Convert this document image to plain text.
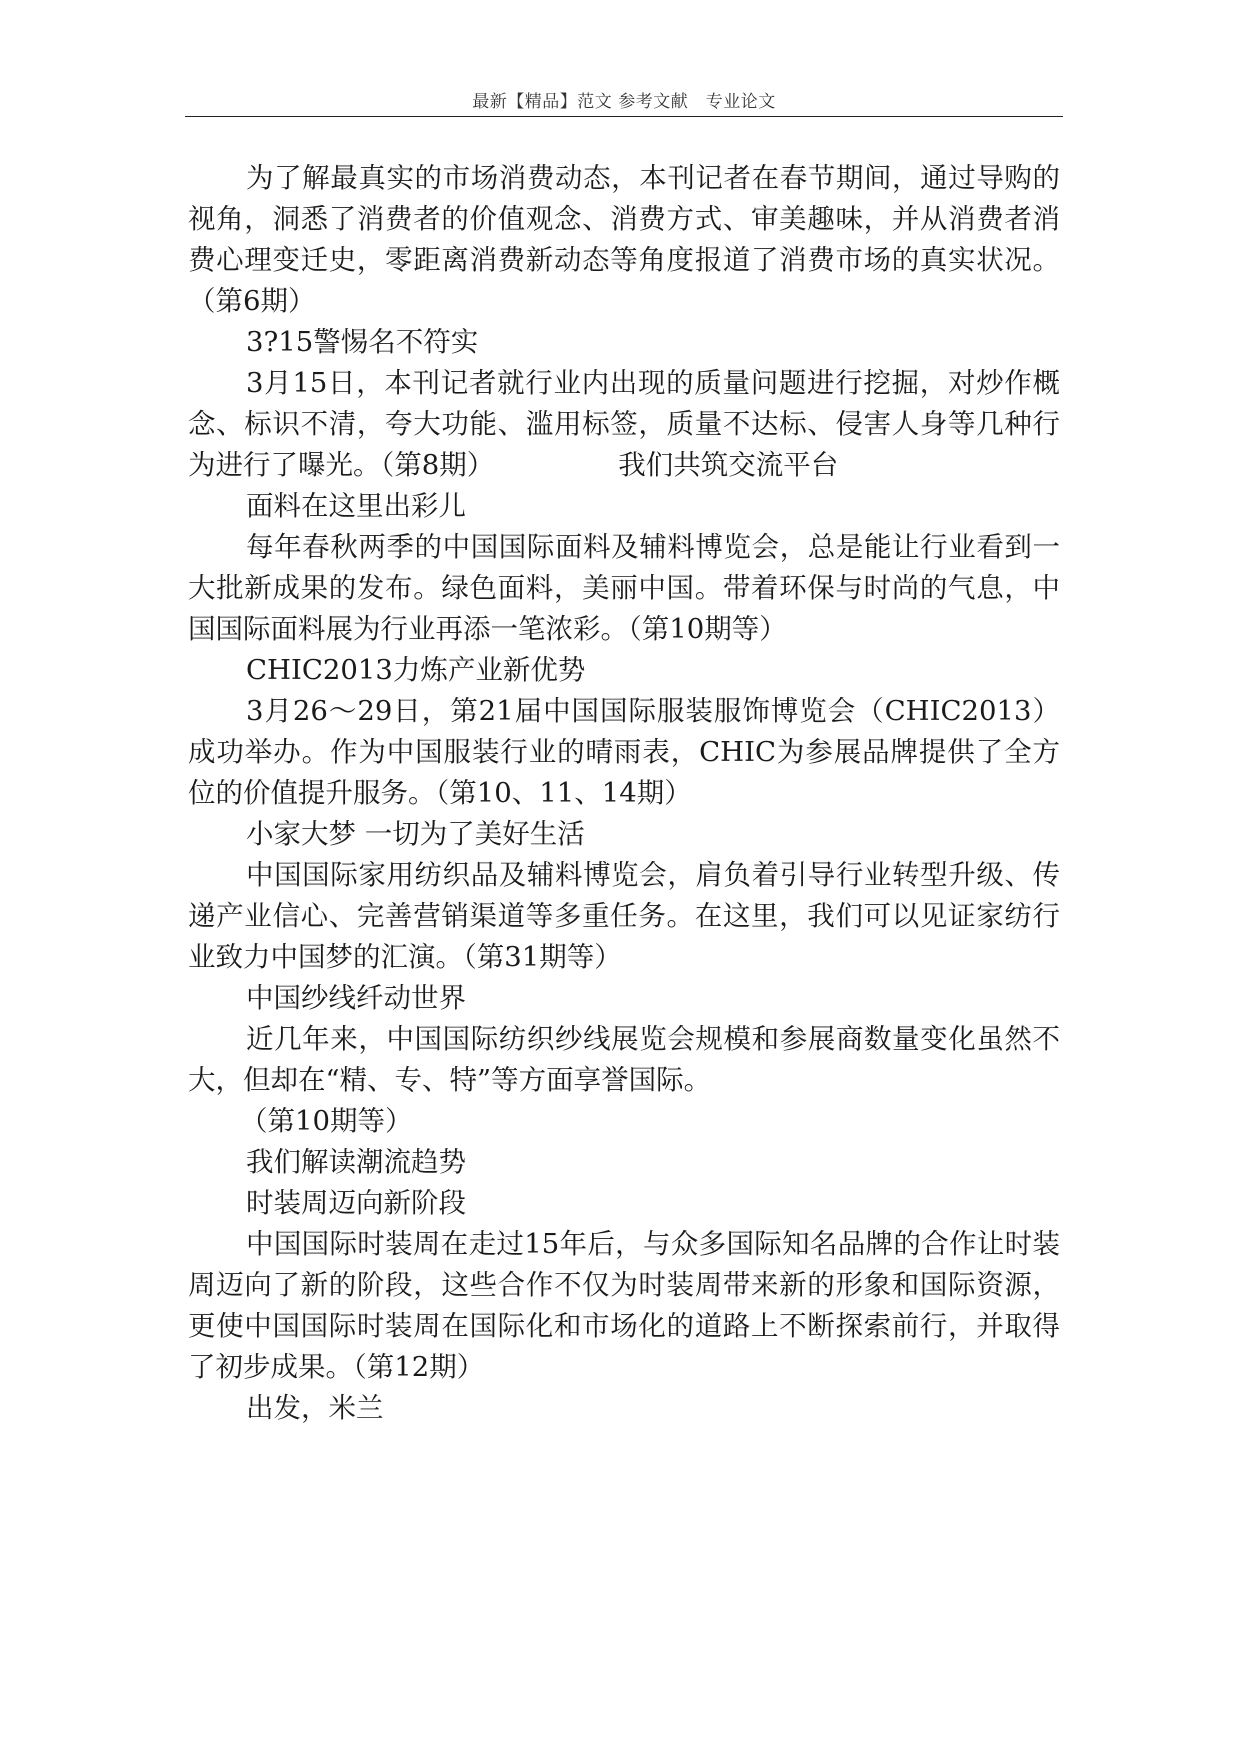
最新【精品】范文 参考文献　专业论文

为了解最真实的市场消费动态，本刊记者在春节期间，通过导购的视角，洞悉了消费者的价值观念、消费方式、审美趣味，并从消费者消费心理变迁史，零距离消费新动态等角度报道了消费市场的真实状况。（第6期）

3?15警惕名不符实

3月15日，本刊记者就行业内出现的质量问题进行挖掘，对炒作概念、标识不清，夸大功能、滥用标签，质量不达标、侵害人身等几种行为进行了曝光。（第8期）	我们共筑交流平台

面料在这里出彩儿

每年春秋两季的中国国际面料及辅料博览会，总是能让行业看到一大批新成果的发布。绿色面料，美丽中国。带着环保与时尚的气息，中国国际面料展为行业再添一笔浓彩。（第10期等）

CHIC2013力炼产业新优势

3月26～29日，第21届中国国际服装服饰博览会（CHIC2013）成功举办。作为中国服装行业的晴雨表，CHIC为参展品牌提供了全方位的价值提升服务。（第10、11、14期）

小家大梦 一切为了美好生活

中国国际家用纺织品及辅料博览会，肩负着引导行业转型升级、传递产业信心、完善营销渠道等多重任务。在这里，我们可以见证家纺行业致力中国梦的汇演。（第31期等）

中国纱线纤动世界

近几年来，中国国际纺织纱线展览会规模和参展商数量变化虽然不大，但却在“精、专、特”等方面享誉国际。

（第10期等）

我们解读潮流趋势

时装周迈向新阶段

中国国际时装周在走过15年后，与众多国际知名品牌的合作让时装周迈向了新的阶段，这些合作不仅为时装周带来新的形象和国际资源，更使中国国际时装周在国际化和市场化的道路上不断探索前行，并取得了初步成果。（第12期）

出发，米兰
